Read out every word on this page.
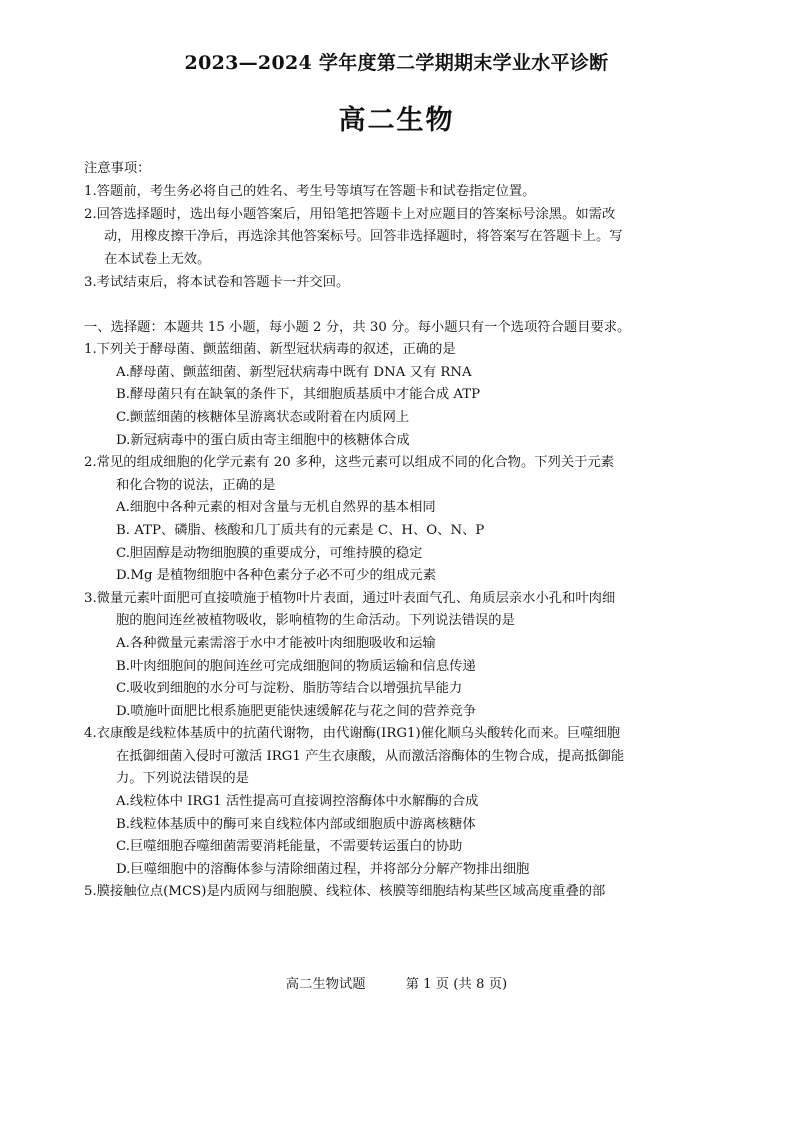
2023—2024 学年度第二学期期末学业水平诊断
高二生物
注意事项：
1.答题前，考生务必将自己的姓名、考生号等填写在答题卡和试卷指定位置。
2.回答选择题时，选出每小题答案后，用铅笔把答题卡上对应题目的答案标号涂黑。如需改
动，用橡皮擦干净后，再选涂其他答案标号。回答非选择题时，将答案写在答题卡上。写
在本试卷上无效。
3.考试结束后，将本试卷和答题卡一并交回。
一、选择题：本题共 15 小题，每小题 2 分，共 30 分。每小题只有一个选项符合题目要求。
1.下列关于酵母菌、颤蓝细菌、新型冠状病毒的叙述，正确的是
A.酵母菌、颤蓝细菌、新型冠状病毒中既有 DNA 又有 RNA
B.酵母菌只有在缺氧的条件下，其细胞质基质中才能合成 ATP
C.颤蓝细菌的核糖体呈游离状态或附着在内质网上
D.新冠病毒中的蛋白质由寄主细胞中的核糖体合成
2.常见的组成细胞的化学元素有 20 多种，这些元素可以组成不同的化合物。下列关于元素
和化合物的说法，正确的是
A.细胞中各种元素的相对含量与无机自然界的基本相同
B. ATP、磷脂、核酸和几丁质共有的元素是 C、H、O、N、P
C.胆固醇是动物细胞膜的重要成分，可维持膜的稳定
D.Mg 是植物细胞中各种色素分子必不可少的组成元素
3.微量元素叶面肥可直接喷施于植物叶片表面，通过叶表面气孔、角质层亲水小孔和叶肉细
胞的胞间连丝被植物吸收，影响植物的生命活动。下列说法错误的是
A.各种微量元素需溶于水中才能被叶肉细胞吸收和运输
B.叶肉细胞间的胞间连丝可完成细胞间的物质运输和信息传递
C.吸收到细胞的水分可与淀粉、脂肪等结合以增强抗旱能力
D.喷施叶面肥比根系施肥更能快速缓解花与花之间的营养竞争
4.衣康酸是线粒体基质中的抗菌代谢物，由代谢酶(IRG1)催化顺乌头酸转化而来。巨噬细胞
在抵御细菌入侵时可激活 IRG1 产生衣康酸，从而激活溶酶体的生物合成，提高抵御能
力。下列说法错误的是
A.线粒体中 IRG1 活性提高可直接调控溶酶体中水解酶的合成
B.线粒体基质中的酶可来自线粒体内部或细胞质中游离核糖体
C.巨噬细胞吞噬细菌需要消耗能量，不需要转运蛋白的协助
D.巨噬细胞中的溶酶体参与清除细菌过程，并将部分分解产物排出细胞
5.膜接触位点(MCS)是内质网与细胞膜、线粒体、核膜等细胞结构某些区域高度重叠的部
高二生物试题	第 1 页 (共 8 页)
